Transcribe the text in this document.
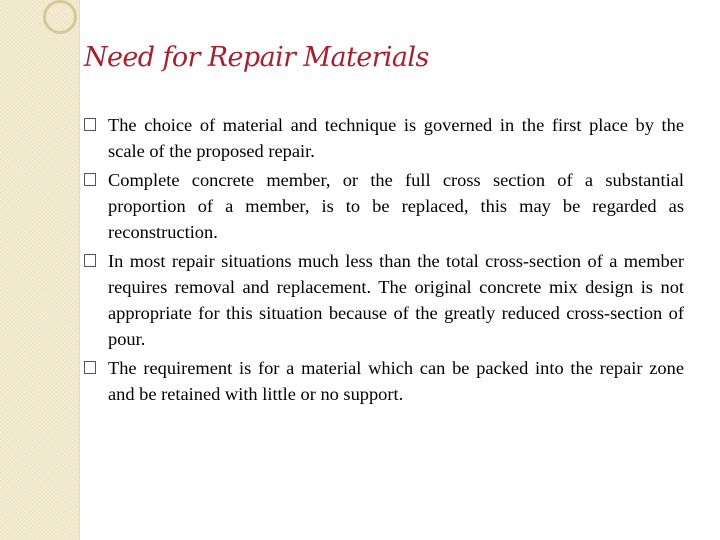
Need for Repair Materials
The choice of material and technique is governed in the first place by the scale of the proposed repair.
Complete concrete member, or the full cross section of a substantial proportion of a member, is to be replaced, this may be regarded as reconstruction.
In most repair situations much less than the total cross-section of a member requires removal and replacement. The original concrete mix design is not appropriate for this situation because of the greatly reduced cross-section of pour.
The requirement is for a material which can be packed into the repair zone and be retained with little or no support.
